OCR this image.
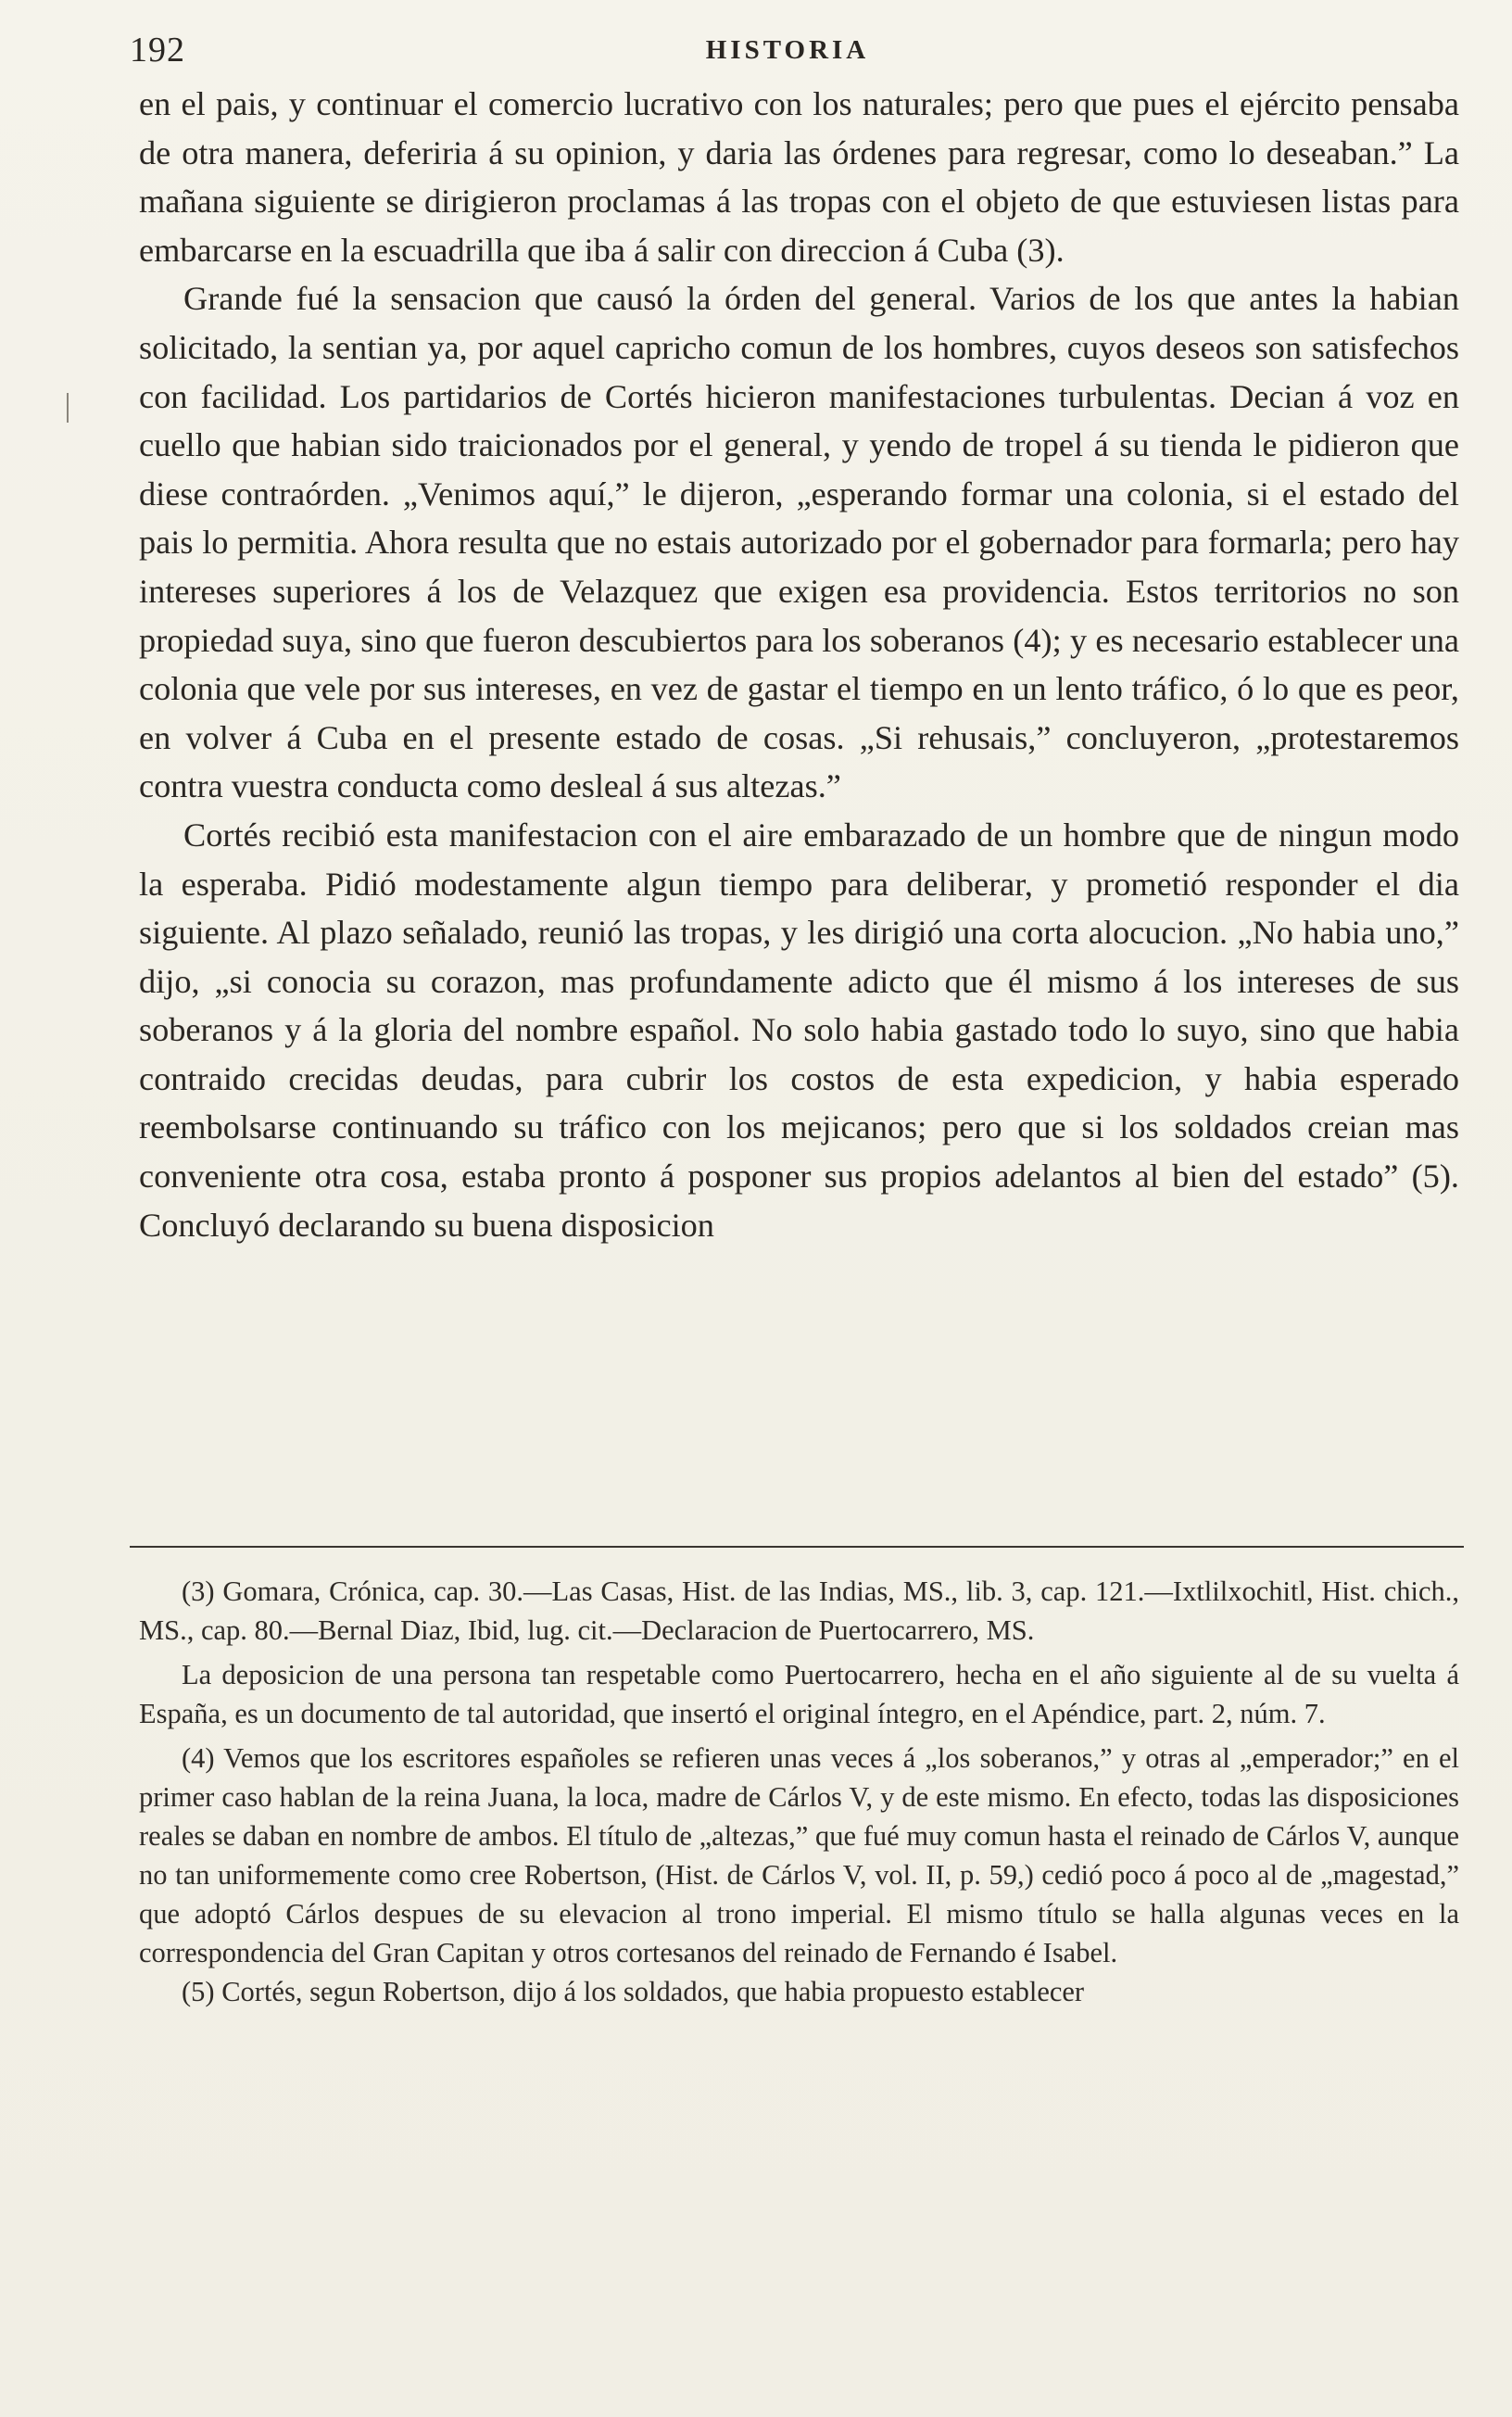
192	HISTORIA

en el pais, y continuar el comercio lucrativo con los naturales; pero que pues el ejército pensaba de otra manera, deferiria á su opinion, y daria las órdenes para regresar, como lo deseaban.” La mañana siguiente se dirigieron proclamas á las tropas con el objeto de que estuviesen listas para embarcarse en la escuadrilla que iba á salir con direccion á Cuba (3).

Grande fué la sensacion que causó la órden del general. Varios de los que antes la habian solicitado, la sentian ya, por aquel capricho comun de los hombres, cuyos deseos son satisfechos con facilidad. Los partidarios de Cortés hicieron manifestaciones turbulentas. Decian á voz en cuello que habian sido traicionados por el general, y yendo de tropel á su tienda le pidieron que diese contraórden. „Venimos aquí,” le dijeron, „esperando formar una colonia, si el estado del pais lo permitia. Ahora resulta que no estais autorizado por el gobernador para formarla; pero hay intereses superiores á los de Velazquez que exigen esa providencia. Estos territorios no son propiedad suya, sino que fueron descubiertos para los soberanos (4); y es necesario establecer una colonia que vele por sus intereses, en vez de gastar el tiempo en un lento tráfico, ó lo que es peor, en volver á Cuba en el presente estado de cosas. „Si rehusais,” concluyeron, „protestaremos contra vuestra conducta como desleal á sus altezas.”

Cortés recibió esta manifestacion con el aire embarazado de un hombre que de ningun modo la esperaba. Pidió modestamente algun tiempo para deliberar, y prometió responder el dia siguiente. Al plazo señalado, reunió las tropas, y les dirigió una corta alocucion. „No habia uno,” dijo, „si conocia su corazon, mas profundamente adicto que él mismo á los intereses de sus soberanos y á la gloria del nombre español. No solo habia gastado todo lo suyo, sino que habia contraido crecidas deudas, para cubrir los costos de esta expedicion, y habia esperado reembolsarse continuando su tráfico con los mejicanos; pero que si los soldados creian mas conveniente otra cosa, estaba pronto á posponer sus propios adelantos al bien del estado” (5). Concluyó declarando su buena disposicion

(3) Gomara, Crónica, cap. 30.—Las Casas, Hist. de las Indias, MS., lib. 3, cap. 121.—Ixtlilxochitl, Hist. chich., MS., cap. 80.—Bernal Diaz, Ibid, lug. cit.—Declaracion de Puertocarrero, MS.

La deposicion de una persona tan respetable como Puertocarrero, hecha en el año siguiente al de su vuelta á España, es un documento de tal autoridad, que insertó el original íntegro, en el Apéndice, part. 2, núm. 7.

(4) Vemos que los escritores españoles se refieren unas veces á „los soberanos,” y otras al „emperador;” en el primer caso hablan de la reina Juana, la loca, madre de Cárlos V, y de este mismo. En efecto, todas las disposiciones reales se daban en nombre de ambos. El título de „altezas,” que fué muy comun hasta el reinado de Cárlos V, aunque no tan uniformemente como cree Robertson, (Hist. de Cárlos V, vol. II, p. 59,) cedió poco á poco al de „magestad,” que adoptó Cárlos despues de su elevacion al trono imperial. El mismo título se halla algunas veces en la correspondencia del Gran Capitan y otros cortesanos del reinado de Fernando é Isabel.

(5) Cortés, segun Robertson, dijo á los soldados, que habia propuesto establecer
